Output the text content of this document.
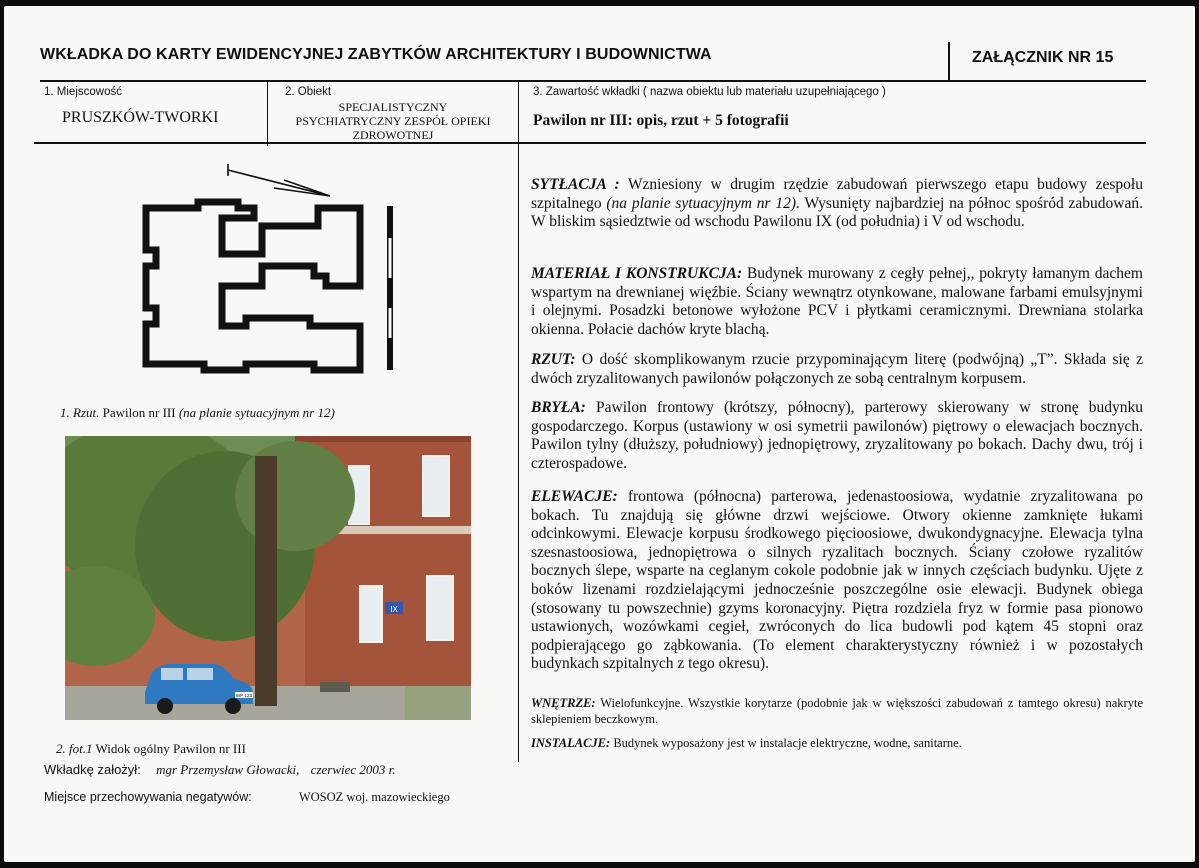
WKŁADKA DO KARTY EWIDENCYJNEJ ZABYTKÓW ARCHITEKTURY I BUDOWNICTWA	ZAŁĄCZNIK NR 15
1. Miejscowość
PRUSZKÓW-TWORKI
2. Obiekt
SPECJALISTYCZNY
PSYCHIATRYCZNY ZESPÓŁ OPIEKI
ZDROWOTNEJ
3. Zawartość wkładki ( nazwa obiektu lub materiału uzupełniającego )
Pawilon nr III: opis, rzut + 5 fotografii
1. Rzut. Pawilon nr III (na planie sytuacyjnym nr 12)
IX
WP 123
2. fot.1 Widok ogólny Pawilon nr III
Wkładkę założył: mgr Przemysław Głowacki, czerwiec 2003 r.
Miejsce przechowywania negatywów:	WOSOZ woj. mazowieckiego
SYTŁACJA : Wzniesiony w drugim rzędzie zabudowań pierwszego etapu budowy zespołu szpitalnego (na planie sytuacyjnym nr 12). Wysunięty najbardziej na północ spośród zabudowań. W bliskim sąsiedztwie od wschodu Pawilonu IX (od południa) i V od wschodu.
MATERIAŁ I KONSTRUKCJA: Budynek murowany z cegły pełnej,, pokryty łamanym dachem wspartym na drewnianej więźbie. Ściany wewnątrz otynkowane, malowane farbami emulsyjnymi i olejnymi. Posadzki betonowe wyłożone PCV i płytkami ceramicznymi. Drewniana stolarka okienna. Połacie dachów kryte blachą.
RZUT: O dość skomplikowanym rzucie przypominającym literę (podwójną) „T”. Składa się z dwóch zryzalitowanych pawilonów połączonych ze sobą centralnym korpusem.
BRYŁA: Pawilon frontowy (krótszy, północny), parterowy skierowany w stronę budynku gospodarczego. Korpus (ustawiony w osi symetrii pawilonów) piętrowy o elewacjach bocznych. Pawilon tylny (dłuższy, południowy) jednopiętrowy, zryzalitowany po bokach. Dachy dwu, trój i czterospadowe.
ELEWACJE: frontowa (północna) parterowa, jedenastoosiowa, wydatnie zryzalitowana po bokach. Tu znajdują się główne drzwi wejściowe. Otwory okienne zamknięte łukami odcinkowymi. Elewacje korpusu środkowego pięcioosiowe, dwukondygnacyjne. Elewacja tylna szesnastoosiowa, jednopiętrowa o silnych ryzalitach bocznych. Ściany czołowe ryzalitów bocznych ślepe, wsparte na ceglanym cokole podobnie jak w innych częściach budynku. Ujęte z boków lizenami rozdzielającymi jednocześnie poszczególne osie elewacji. Budynek obiega (stosowany tu powszechnie) gzyms koronacyjny. Piętra rozdziela fryz w formie pasa pionowo ustawionych, wozówkami cegieł, zwróconych do lica budowli pod kątem 45 stopni oraz podpierającego go ząbkowania. (To element charakterystyczny również i w pozostałych budynkach szpitalnych z tego okresu).
WNĘTRZE: Wielofunkcyjne. Wszystkie korytarze (podobnie jak w większości zabudowań z tamtego okresu) nakryte sklepieniem beczkowym.
INSTALACJE: Budynek wyposażony jest w instalacje elektryczne, wodne, sanitarne.
